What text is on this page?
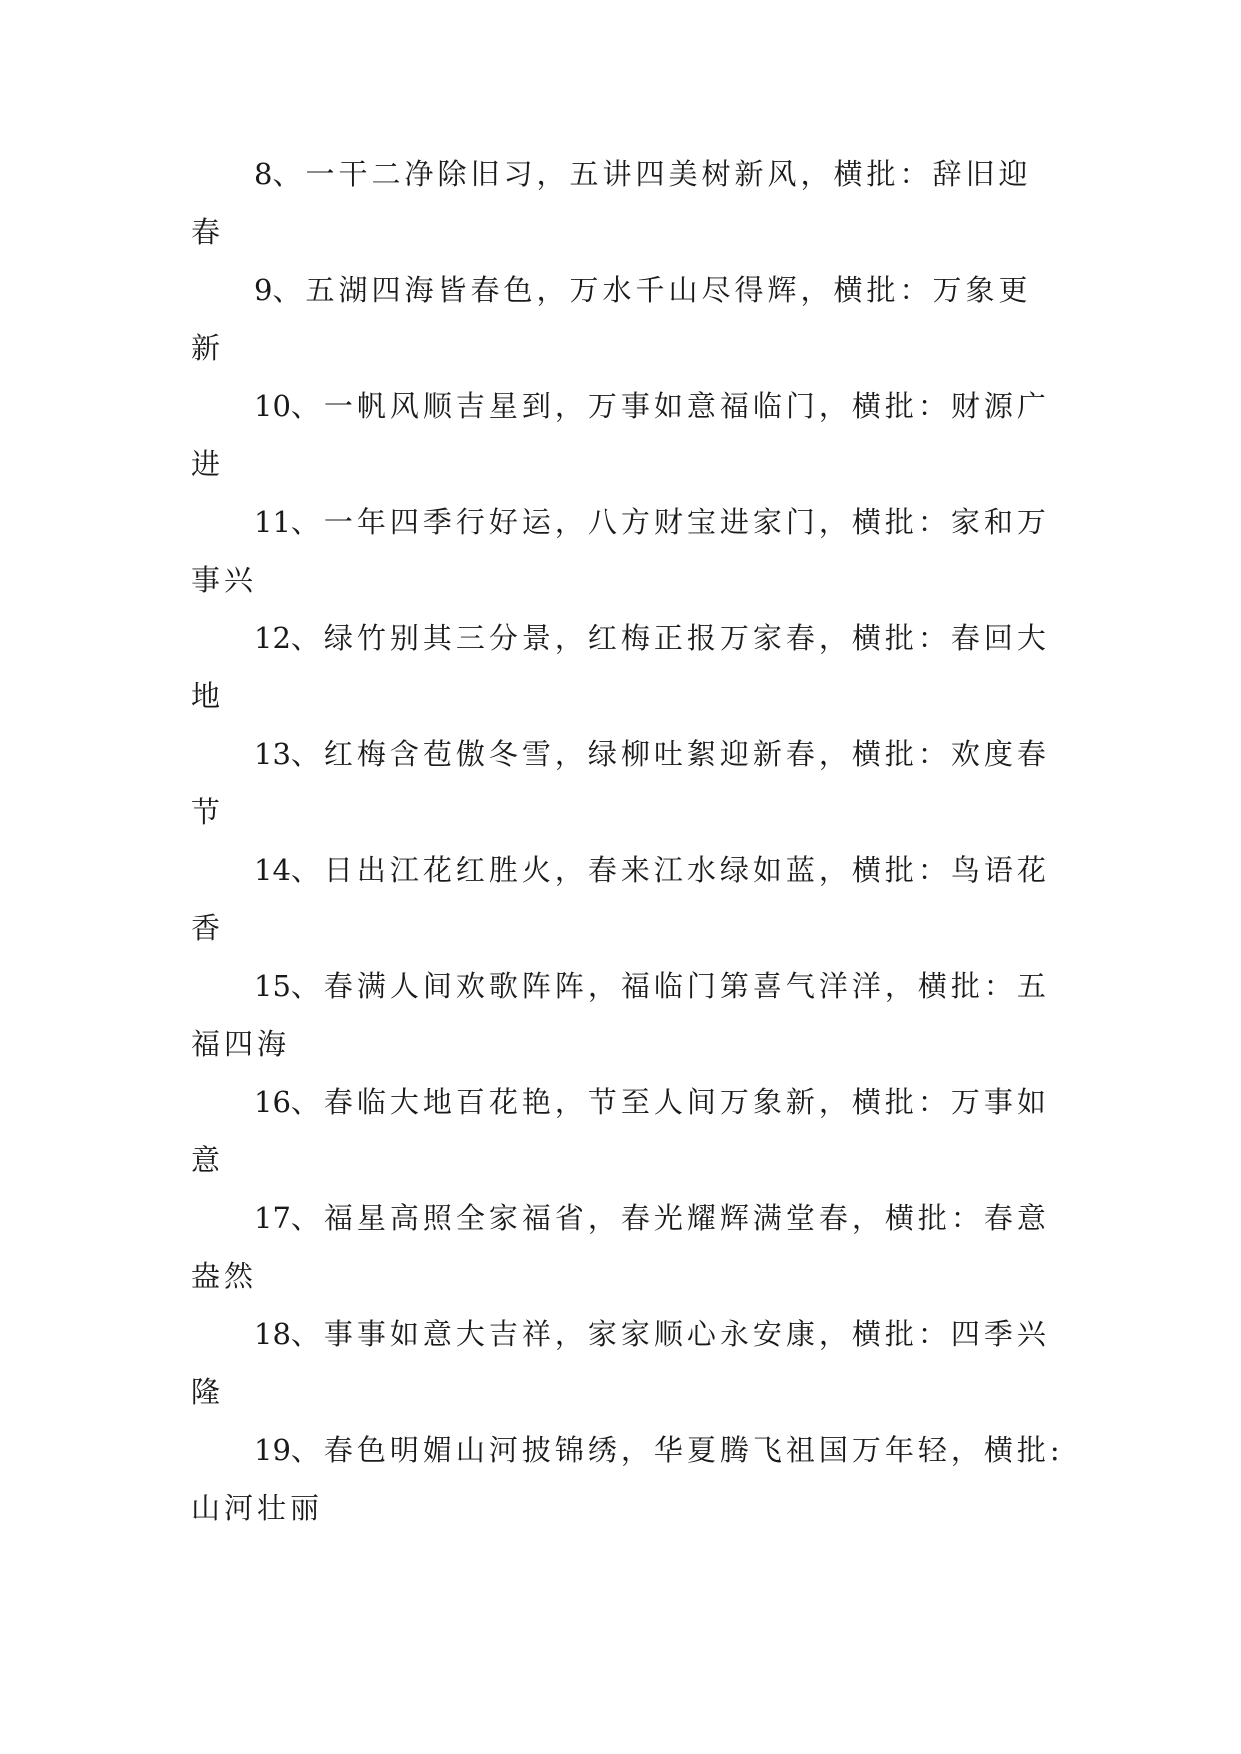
8、一干二净除旧习，五讲四美树新风，横批：辞旧迎
春
9、五湖四海皆春色，万水千山尽得辉，横批：万象更
新
10、一帆风顺吉星到，万事如意福临门，横批：财源广
进
11、一年四季行好运，八方财宝进家门，横批：家和万
事兴
12、绿竹别其三分景，红梅正报万家春，横批：春回大
地
13、红梅含苞傲冬雪，绿柳吐絮迎新春，横批：欢度春
节
14、日出江花红胜火，春来江水绿如蓝，横批：鸟语花
香
15、春满人间欢歌阵阵，福临门第喜气洋洋，横批：五
福四海
16、春临大地百花艳，节至人间万象新，横批：万事如
意
17、福星高照全家福省，春光耀辉满堂春，横批：春意
盎然
18、事事如意大吉祥，家家顺心永安康，横批：四季兴
隆
19、春色明媚山河披锦绣，华夏腾飞祖国万年轻，横批:
山河壮丽
